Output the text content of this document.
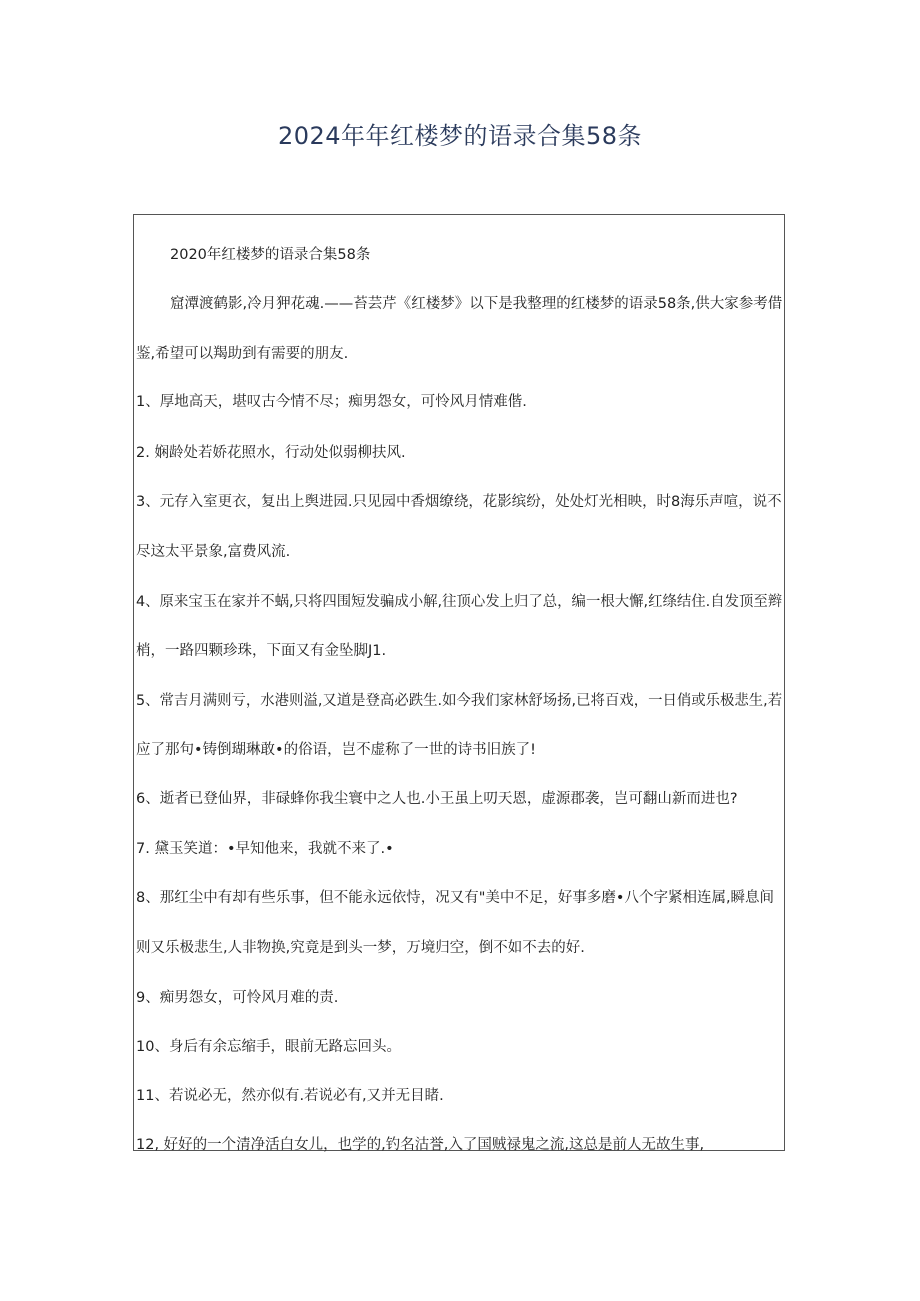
2024年年红楼梦的语录合集58条
2020年红楼梦的语录合集58条
窟潭渡鹤影,冷月狎花魂.——苔芸芹《红楼梦》以下是我整理的红楼梦的语录58条,供大家参考借
鉴,希望可以羯助到有需要的朋友.
1、厚地高天，堪叹古今情不尽；痴男怨女，可怜风月情难偕.
2. 娴龄处若娇花照水，行动处似弱柳扶风.
3、元存入室更衣，复出上舆进园.只见园中香烟缭绕，花影缤纷，处处灯光相映，时8海乐声喧，说不
尽这太平景象,富费风流.
4、原来宝玉在家并不蜗,只将四围短发骗成小解,往顶心发上归了总，编一根大懈,红绦结住.自发顶至辫
梢，一路四颗珍珠，下面又有金坠脚J1.
5、常吉月满则亏，水港则溢,又道是登高必跌生.如今我们家林舒场扬,已将百戏，一日俏或乐极悲生,若
应了那句•铸倒瑚琳敢•的俗语，岂不虚称了一世的诗书旧族了!
6、逝者已登仙界，非碌蜂你我尘寰中之人也.小王虽上叨天恩，虚源郡袭，岂可翻山新而进也?
7. 黛玉笑道：•早知他来，我就不来了.•
8、那红尘中有却有些乐事，但不能永远依恃，况又有"美中不足，好事多磨•八个字紧相连属,瞬息间
则又乐极悲生,人非物换,究竟是到头一梦，万境归空，倒不如不去的好.
9、痴男怨女，可怜风月难的责.
10、身后有余忘缩手，眼前无路忘回头。
11、若说必无，然亦似有.若说必有,又并无目睹.
12, 好好的一个清净活白女儿，也学的,钓名沽誉,入了国贼禄鬼之流,这总是前人无故生事,
